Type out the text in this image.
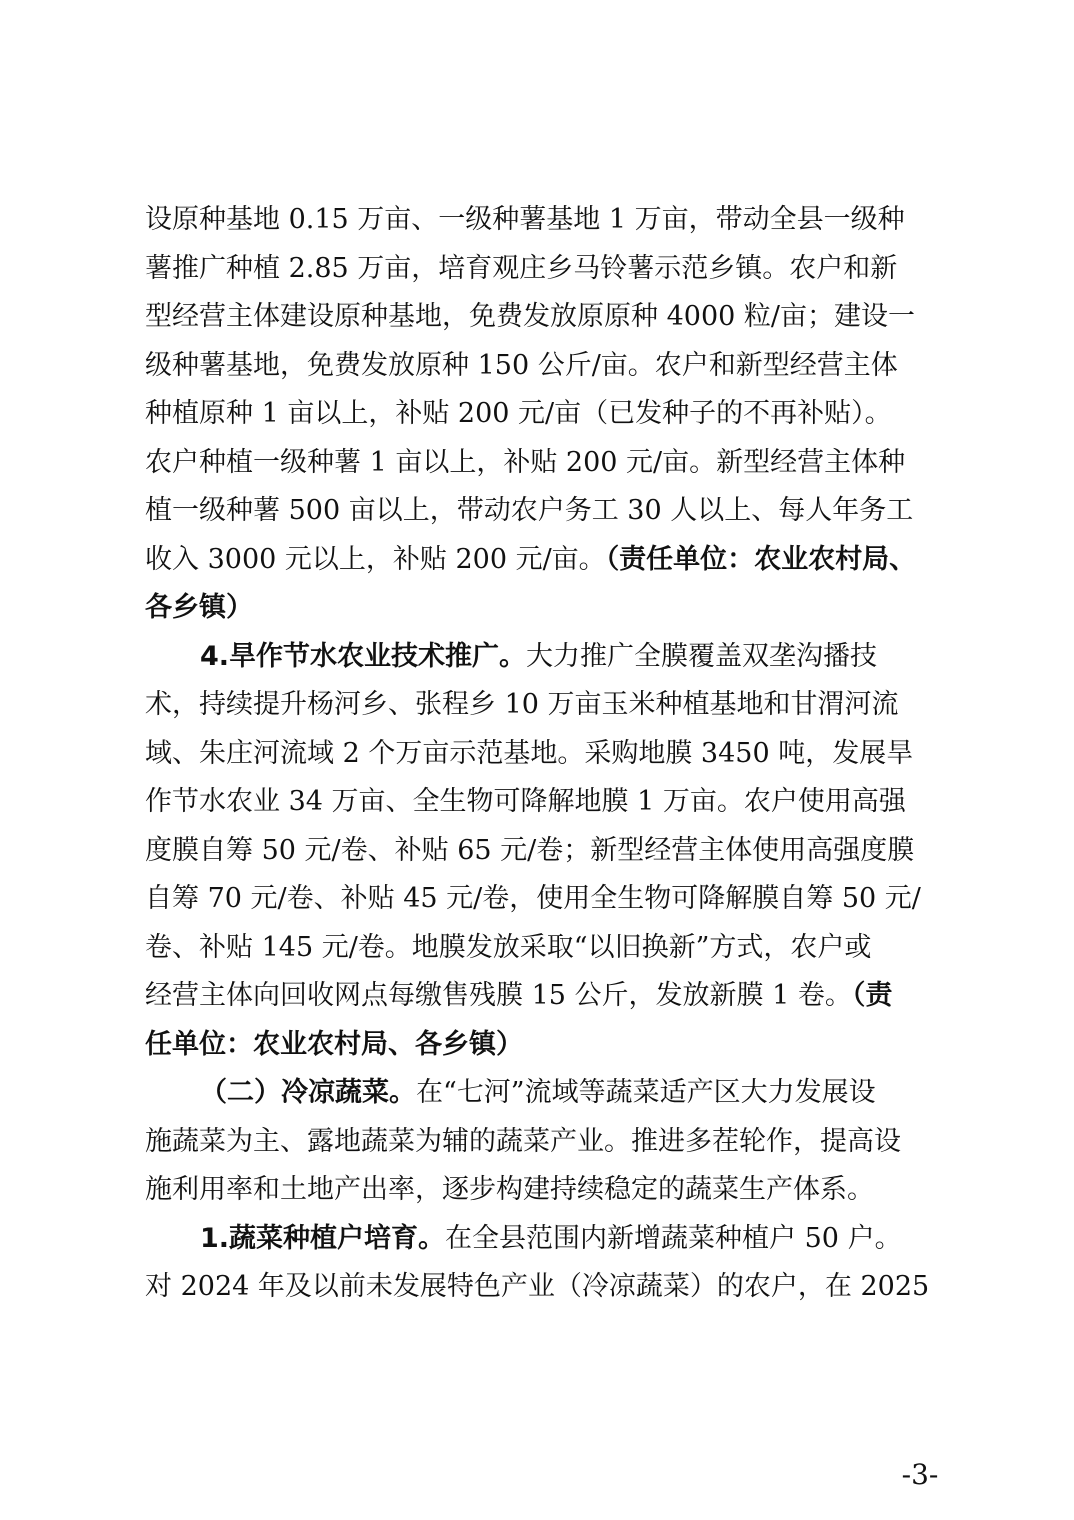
设原种基地 0.15 万亩、一级种薯基地 1 万亩，带动全县一级种
薯推广种植 2.85 万亩，培育观庄乡马铃薯示范乡镇。农户和新
型经营主体建设原种基地，免费发放原原种 4000 粒/亩；建设一
级种薯基地，免费发放原种 150 公斤/亩。农户和新型经营主体
种植原种 1 亩以上，补贴 200 元/亩（已发种子的不再补贴）。
农户种植一级种薯 1 亩以上，补贴 200 元/亩。新型经营主体种
植一级种薯 500 亩以上，带动农户务工 30 人以上、每人年务工
收入 3000 元以上，补贴 200 元/亩。（责任单位：农业农村局、
各乡镇）
4.旱作节水农业技术推广。大力推广全膜覆盖双垄沟播技
术，持续提升杨河乡、张程乡 10 万亩玉米种植基地和甘渭河流
域、朱庄河流域 2 个万亩示范基地。采购地膜 3450 吨，发展旱
作节水农业 34 万亩、全生物可降解地膜 1 万亩。农户使用高强
度膜自筹 50 元/卷、补贴 65 元/卷；新型经营主体使用高强度膜
自筹 70 元/卷、补贴 45 元/卷，使用全生物可降解膜自筹 50 元/
卷、补贴 145 元/卷。地膜发放采取“以旧换新”方式，农户或
经营主体向回收网点每缴售残膜 15 公斤，发放新膜 1 卷。（责
任单位：农业农村局、各乡镇）
（二）冷凉蔬菜。在“七河”流域等蔬菜适产区大力发展设
施蔬菜为主、露地蔬菜为辅的蔬菜产业。推进多茬轮作，提高设
施利用率和土地产出率，逐步构建持续稳定的蔬菜生产体系。
1.蔬菜种植户培育。在全县范围内新增蔬菜种植户 50 户。
对 2024 年及以前未发展特色产业（冷凉蔬菜）的农户，在 2025
-3-
